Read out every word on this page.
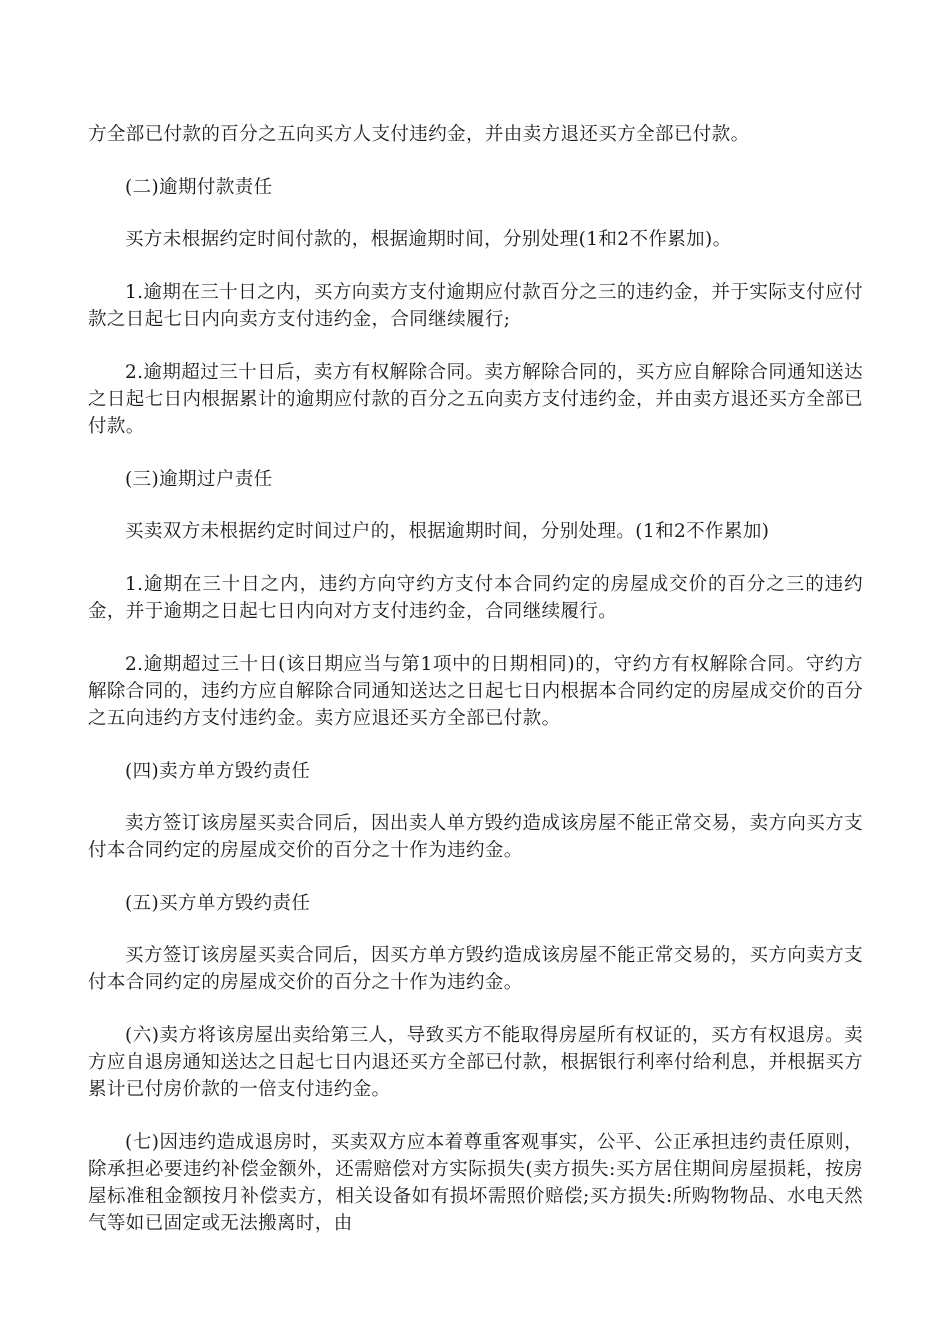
方全部已付款的百分之五向买方人支付违约金，并由卖方退还买方全部已付款。

(二)逾期付款责任

买方未根据约定时间付款的，根据逾期时间，分别处理(1和2不作累加)。

1.逾期在三十日之内，买方向卖方支付逾期应付款百分之三的违约金，并于实际支付应付款之日起七日内向卖方支付违约金，合同继续履行;

2.逾期超过三十日后，卖方有权解除合同。卖方解除合同的，买方应自解除合同通知送达之日起七日内根据累计的逾期应付款的百分之五向卖方支付违约金，并由卖方退还买方全部已付款。

(三)逾期过户责任

买卖双方未根据约定时间过户的，根据逾期时间，分别处理。(1和2不作累加)

1.逾期在三十日之内，违约方向守约方支付本合同约定的房屋成交价的百分之三的违约金，并于逾期之日起七日内向对方支付违约金，合同继续履行。

2.逾期超过三十日(该日期应当与第1项中的日期相同)的，守约方有权解除合同。守约方解除合同的，违约方应自解除合同通知送达之日起七日内根据本合同约定的房屋成交价的百分之五向违约方支付违约金。卖方应退还买方全部已付款。

(四)卖方单方毁约责任

卖方签订该房屋买卖合同后，因出卖人单方毁约造成该房屋不能正常交易，卖方向买方支付本合同约定的房屋成交价的百分之十作为违约金。

(五)买方单方毁约责任

买方签订该房屋买卖合同后，因买方单方毁约造成该房屋不能正常交易的，买方向卖方支付本合同约定的房屋成交价的百分之十作为违约金。

(六)卖方将该房屋出卖给第三人，导致买方不能取得房屋所有权证的，买方有权退房。卖方应自退房通知送达之日起七日内退还买方全部已付款，根据银行利率付给利息，并根据买方累计已付房价款的一倍支付违约金。

(七)因违约造成退房时，买卖双方应本着尊重客观事实，公平、公正承担违约责任原则，除承担必要违约补偿金额外，还需赔偿对方实际损失(卖方损失:买方居住期间房屋损耗，按房屋标准租金额按月补偿卖方，相关设备如有损坏需照价赔偿;买方损失:所购物物品、水电天然气等如已固定或无法搬离时，由
